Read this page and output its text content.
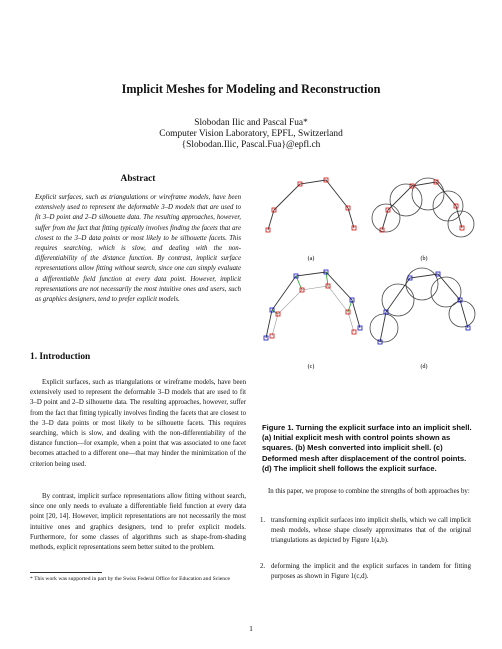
Implicit Meshes for Modeling and Reconstruction
Slobodan Ilic and Pascal Fua*
Computer Vision Laboratory, EPFL, Switzerland
{Slobodan.Ilic, Pascal.Fua}@epfl.ch
Abstract
Explicit surfaces, such as triangulations or wireframe models, have been extensively used to represent the deformable 3–D models that are used to fit 3–D point and 2–D silhouette data. The resulting approaches, however, suffer from the fact that fitting typically involves finding the facets that are closest to the 3–D data points or most likely to be silhouette facets. This requires searching, which is slow, and dealing with the non-differentiability of the distance function. By contrast, implicit surface representations allow fitting without search, since one can simply evaluate a differentiable field function at every data point. However, implicit representations are not necessarily the most intuitive ones and users, such as graphics designers, tend to prefer explicit models.
1. Introduction
Explicit surfaces, such as triangulations or wireframe models, have been extensively used to represent the deformable 3–D models that are used to fit 3–D point and 2–D silhouette data. The resulting approaches, however, suffer from the fact that fitting typically involves finding the facets that are closest to the 3–D data points or most likely to be silhouette facets. This requires searching, which is slow, and dealing with the non-differentiability of the distance function—for example, when a point that was associated to one facet becomes attached to a different one—that may hinder the minimization of the criterion being used.
By contrast, implicit surface representations allow fitting without search, since one only needs to evaluate a differentiable field function at every data point [20, 14]. However, implicit representations are not necessarily the most intuitive ones and graphics designers, tend to prefer explicit models. Furthermore, for some classes of algorithms such as shape-from-shading methods, explicit representations seem better suited to the problem.
* This work was supported in part by the Swiss Federal Office for Education and Science
1
(a)	(b)
(c)	(d)
Figure 1. Turning the explicit surface into an implicit shell. (a) Initial explicit mesh with control points shown as squares. (b) Mesh converted into implicit shell. (c) Deformed mesh after displacement of the control points. (d) The implicit shell follows the explicit surface.
In this paper, we propose to combine the strengths of both approaches by:
1. transforming explicit surfaces into implicit shells, which we call implicit mesh models, whose shape closely approximates that of the original triangulations as depicted by Figure 1(a,b).
2. deforming the implicit and the explicit surfaces in tandem for fitting purposes as shown in Figure 1(c,d).
